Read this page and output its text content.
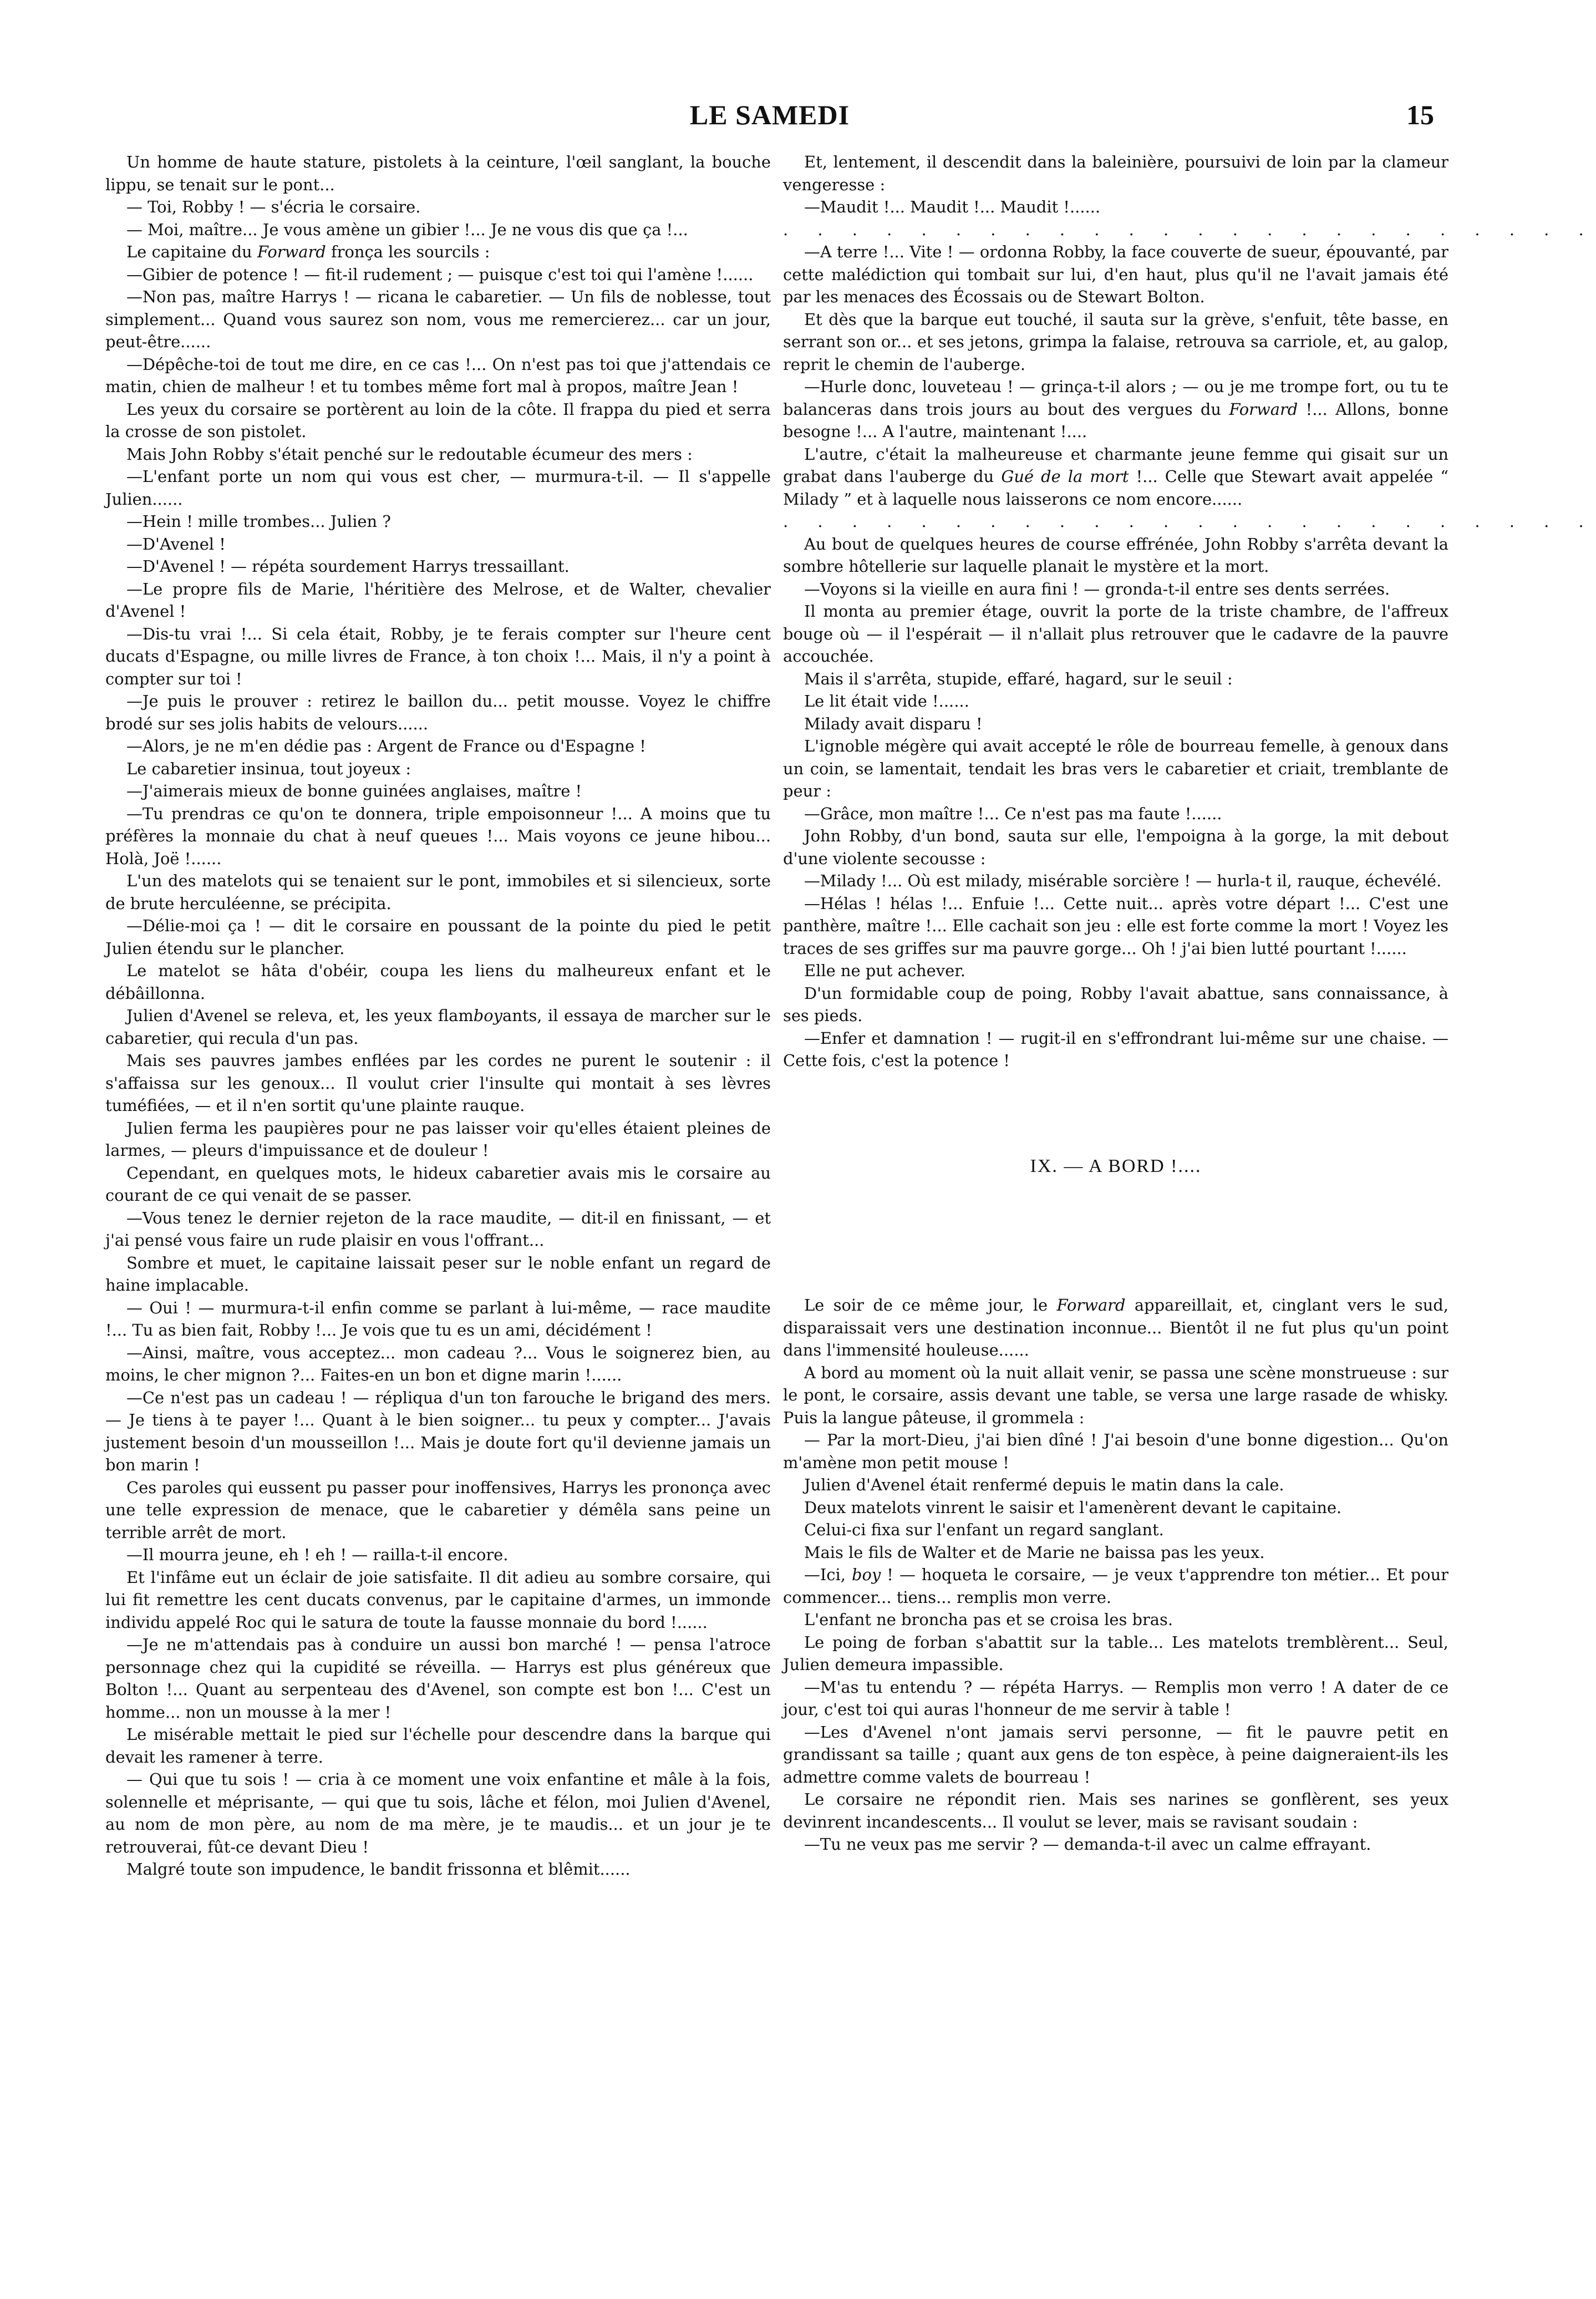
LE SAMEDI	15

Un homme de haute stature, pistolets à la ceinture, l'œil sanglant, la bouche lippu, se tenait sur le pont...

— Toi, Robby ! — s'écria le corsaire.

— Moi, maître... Je vous amène un gibier !... Je ne vous dis que ça !...

Le capitaine du Forward fronça les sourcils :

—Gibier de potence ! — fit-il rudement ; — puisque c'est toi qui l'amène !......

—Non pas, maître Harrys ! — ricana le cabaretier. — Un fils de noblesse, tout simplement... Quand vous saurez son nom, vous me remercierez... car un jour, peut-être......

—Dépêche-toi de tout me dire, en ce cas !... On n'est pas toi que j'attendais ce matin, chien de malheur ! et tu tombes même fort mal à propos, maître Jean !

Les yeux du corsaire se portèrent au loin de la côte. Il frappa du pied et serra la crosse de son pistolet.

Mais John Robby s'était penché sur le redoutable écumeur des mers :

—L'enfant porte un nom qui vous est cher, — murmura-t-il. — Il s'appelle Julien......

—Hein ! mille trombes... Julien ?

—D'Avenel !

—D'Avenel ! — répéta sourdement Harrys tressaillant.

—Le propre fils de Marie, l'héritière des Melrose, et de Walter, chevalier d'Avenel !

—Dis-tu vrai !... Si cela était, Robby, je te ferais compter sur l'heure cent ducats d'Espagne, ou mille livres de France, à ton choix !... Mais, il n'y a point à compter sur toi !

—Je puis le prouver : retirez le baillon du... petit mousse. Voyez le chiffre brodé sur ses jolis habits de velours......

—Alors, je ne m'en dédie pas : Argent de France ou d'Espagne !

Le cabaretier insinua, tout joyeux :

—J'aimerais mieux de bonne guinées anglaises, maître !

—Tu prendras ce qu'on te donnera, triple empoisonneur !... A moins que tu préfères la monnaie du chat à neuf queues !... Mais voyons ce jeune hibou... Holà, Joë !......

L'un des matelots qui se tenaient sur le pont, immobiles et si silencieux, sorte de brute herculéenne, se précipita.

—Délie-moi ça ! — dit le corsaire en poussant de la pointe du pied le petit Julien étendu sur le plancher.

Le matelot se hâta d'obéir, coupa les liens du malheureux enfant et le débâillonna.

Julien d'Avenel se releva, et, les yeux flamboyants, il essaya de marcher sur le cabaretier, qui recula d'un pas.

Mais ses pauvres jambes enflées par les cordes ne purent le soutenir : il s'affaissa sur les genoux... Il voulut crier l'insulte qui montait à ses lèvres tuméfiées, — et il n'en sortit qu'une plainte rauque.

Julien ferma les paupières pour ne pas laisser voir qu'elles étaient pleines de larmes, — pleurs d'impuissance et de douleur !

Cependant, en quelques mots, le hideux cabaretier avais mis le corsaire au courant de ce qui venait de se passer.

—Vous tenez le dernier rejeton de la race maudite, — dit-il en finissant, — et j'ai pensé vous faire un rude plaisir en vous l'offrant...

Sombre et muet, le capitaine laissait peser sur le noble enfant un regard de haine implacable.

— Oui ! — murmura-t-il enfin comme se parlant à lui-même, — race maudite !... Tu as bien fait, Robby !... Je vois que tu es un ami, décidément !

—Ainsi, maître, vous acceptez... mon cadeau ?... Vous le soignerez bien, au moins, le cher mignon ?... Faites-en un bon et digne marin !......

—Ce n'est pas un cadeau ! — répliqua d'un ton farouche le brigand des mers. — Je tiens à te payer !... Quant à le bien soigner... tu peux y compter... J'avais justement besoin d'un mousseillon !... Mais je doute fort qu'il devienne jamais un bon marin !

Ces paroles qui eussent pu passer pour inoffensives, Harrys les prononça avec une telle expression de menace, que le cabaretier y démêla sans peine un terrible arrêt de mort.

—Il mourra jeune, eh ! eh ! — railla-t-il encore.

Et l'infâme eut un éclair de joie satisfaite. Il dit adieu au sombre corsaire, qui lui fit remettre les cent ducats convenus, par le capitaine d'armes, un immonde individu appelé Roc qui le satura de toute la fausse monnaie du bord !......

—Je ne m'attendais pas à conduire un aussi bon marché ! — pensa l'atroce personnage chez qui la cupidité se réveilla. — Harrys est plus généreux que Bolton !... Quant au serpenteau des d'Avenel, son compte est bon !... C'est un homme... non un mousse à la mer !

Le misérable mettait le pied sur l'échelle pour descendre dans la barque qui devait les ramener à terre.

— Qui que tu sois ! — cria à ce moment une voix enfantine et mâle à la fois, solennelle et méprisante, — qui que tu sois, lâche et félon, moi Julien d'Avenel, au nom de mon père, au nom de ma mère, je te maudis... et un jour je te retrouverai, fût-ce devant Dieu !

Malgré toute son impudence, le bandit frissonna et blêmit......

Et, lentement, il descendit dans la baleinière, poursuivi de loin par la clameur vengeresse :

—Maudit !... Maudit !... Maudit !......

. . . . . . . . . . . . . . . . . . . . . . . .

—A terre !... Vite ! — ordonna Robby, la face couverte de sueur, épouvanté, par cette malédiction qui tombait sur lui, d'en haut, plus qu'il ne l'avait jamais été par les menaces des Écossais ou de Stewart Bolton.

Et dès que la barque eut touché, il sauta sur la grève, s'enfuit, tête basse, en serrant son or... et ses jetons, grimpa la falaise, retrouva sa carriole, et, au galop, reprit le chemin de l'auberge.

—Hurle donc, louveteau ! — grinça-t-il alors ; — ou je me trompe fort, ou tu te balanceras dans trois jours au bout des vergues du Forward !... Allons, bonne besogne !... A l'autre, maintenant !....

L'autre, c'était la malheureuse et charmante jeune femme qui gisait sur un grabat dans l'auberge du Gué de la mort !... Celle que Stewart avait appelée “ Milady ” et à laquelle nous laisserons ce nom encore......

. . . . . . . . . . . . . . . . . . . . . . . .

Au bout de quelques heures de course effrénée, John Robby s'arrêta devant la sombre hôtellerie sur laquelle planait le mystère et la mort.

—Voyons si la vieille en aura fini ! — gronda-t-il entre ses dents serrées.

Il monta au premier étage, ouvrit la porte de la triste chambre, de l'affreux bouge où — il l'espérait — il n'allait plus retrouver que le cadavre de la pauvre accouchée.

Mais il s'arrêta, stupide, effaré, hagard, sur le seuil :

Le lit était vide !......

Milady avait disparu !

L'ignoble mégère qui avait accepté le rôle de bourreau femelle, à genoux dans un coin, se lamentait, tendait les bras vers le cabaretier et criait, tremblante de peur :

—Grâce, mon maître !... Ce n'est pas ma faute !......

John Robby, d'un bond, sauta sur elle, l'empoigna à la gorge, la mit debout d'une violente secousse :

—Milady !... Où est milady, misérable sorcière ! — hurla-t il, rauque, échevélé.

—Hélas ! hélas !... Enfuie !... Cette nuit... après votre départ !... C'est une panthère, maître !... Elle cachait son jeu : elle est forte comme la mort ! Voyez les traces de ses griffes sur ma pauvre gorge... Oh ! j'ai bien lutté pourtant !......

Elle ne put achever.

D'un formidable coup de poing, Robby l'avait abattue, sans connaissance, à ses pieds.

—Enfer et damnation ! — rugit-il en s'effrondrant lui-même sur une chaise. — Cette fois, c'est la potence !

IX. — A BORD !....

Le soir de ce même jour, le Forward appareillait, et, cinglant vers le sud, disparaissait vers une destination inconnue... Bientôt il ne fut plus qu'un point dans l'immensité houleuse......

A bord au moment où la nuit allait venir, se passa une scène monstrueuse : sur le pont, le corsaire, assis devant une table, se versa une large rasade de whisky. Puis la langue pâteuse, il grommela :

— Par la mort-Dieu, j'ai bien dîné ! J'ai besoin d'une bonne digestion... Qu'on m'amène mon petit mouse !

Julien d'Avenel était renfermé depuis le matin dans la cale.

Deux matelots vinrent le saisir et l'amenèrent devant le capitaine.

Celui-ci fixa sur l'enfant un regard sanglant.

Mais le fils de Walter et de Marie ne baissa pas les yeux.

—Ici, boy ! — hoqueta le corsaire, — je veux t'apprendre ton métier... Et pour commencer... tiens... remplis mon verre.

L'enfant ne broncha pas et se croisa les bras.

Le poing de forban s'abattit sur la table... Les matelots tremblèrent... Seul, Julien demeura impassible.

—M'as tu entendu ? — répéta Harrys. — Remplis mon verro ! A dater de ce jour, c'est toi qui auras l'honneur de me servir à table !

—Les d'Avenel n'ont jamais servi personne, — fit le pauvre petit en grandissant sa taille ; quant aux gens de ton espèce, à peine daigneraient-ils les admettre comme valets de bourreau !

Le corsaire ne répondit rien. Mais ses narines se gonflèrent, ses yeux devinrent incandescents... Il voulut se lever, mais se ravisant soudain :

—Tu ne veux pas me servir ? — demanda-t-il avec un calme effrayant.
